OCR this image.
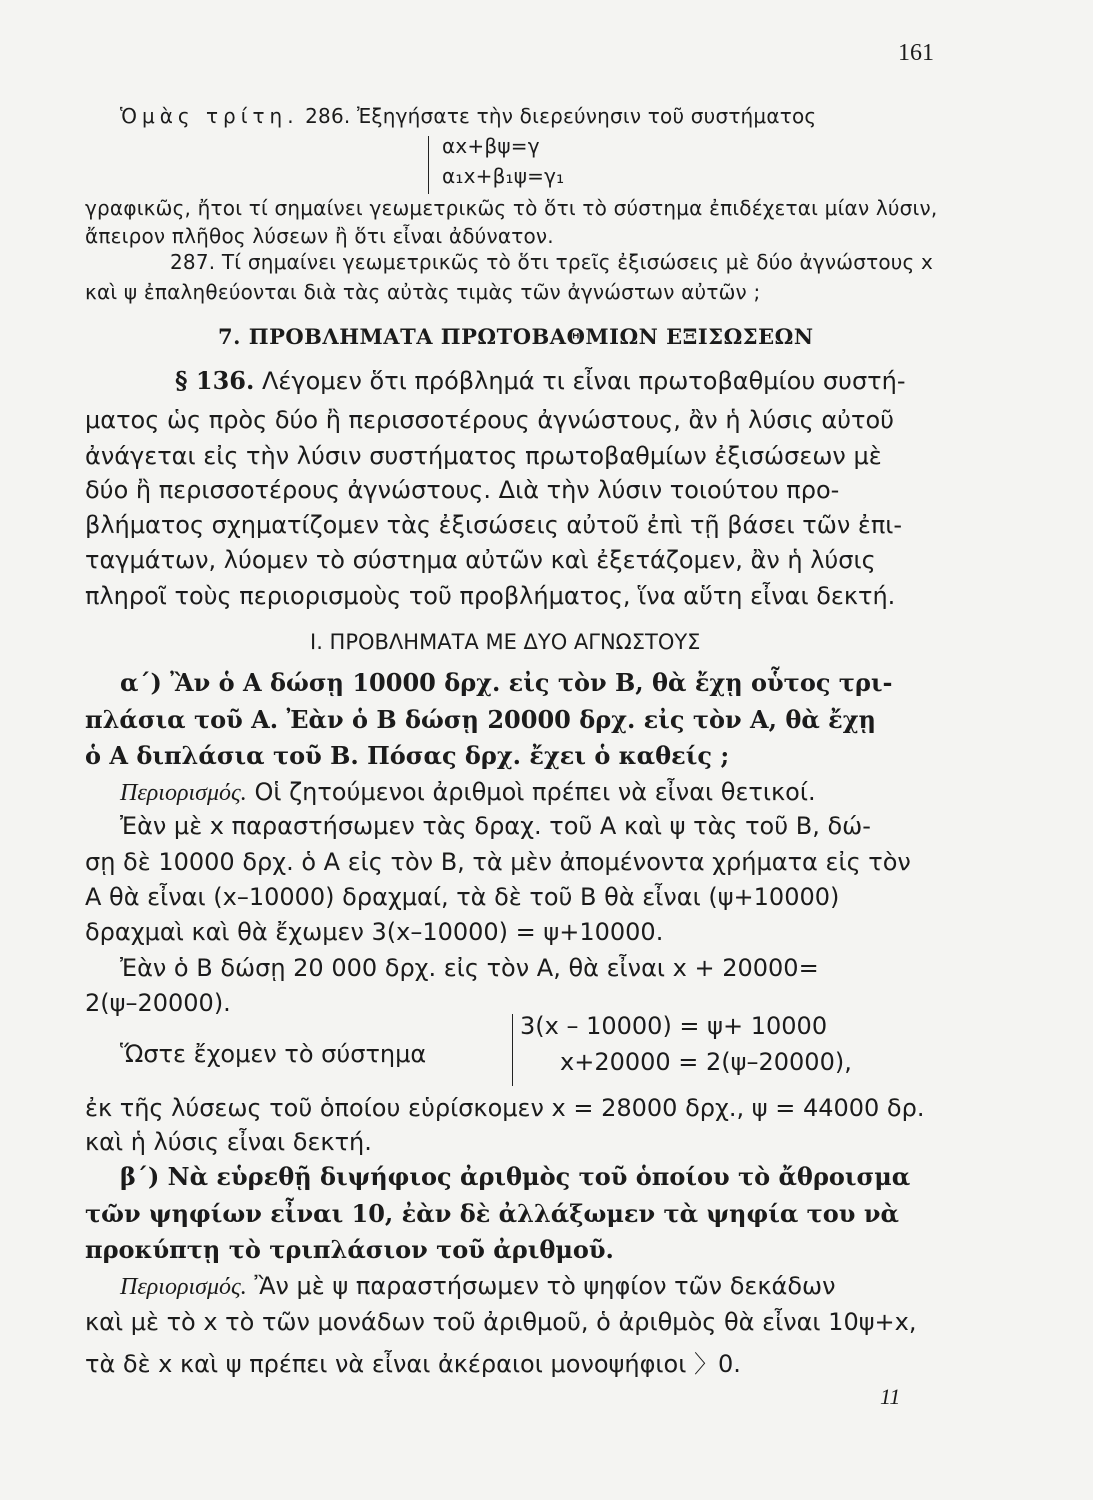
161
Ὁμὰς τρίτη. 286. Ἐξηγήσατε τὴν διερεύνησιν τοῦ συστήματος
αx+βψ=γ
α₁x+β₁ψ=γ₁
γραφικῶς, ἤτοι τί σημαίνει γεωμετρικῶς τὸ ὅτι τὸ σύστημα ἐπιδέχεται μίαν λύσιν,
ἄπειρον πλῆθος λύσεων ἢ ὅτι εἶναι ἀδύνατον.
287. Τί σημαίνει γεωμετρικῶς τὸ ὅτι τρεῖς ἐξισώσεις μὲ δύο ἀγνώστους x
καὶ ψ ἐπαληθεύονται διὰ τὰς αὐτὰς τιμὰς τῶν ἀγνώστων αὐτῶν ;
7. ΠΡΟΒΛΗΜΑΤΑ ΠΡΩΤΟΒΑΘΜΙΩΝ ΕΞΙΣΩΣΕΩΝ
§ 136. Λέγομεν ὅτι πρόβλημά τι εἶναι πρωτοβαθμίου συστή-
ματος ὡς πρὸς δύο ἢ περισσοτέρους ἀγνώστους, ἂν ἡ λύσις αὐτοῦ
ἀνάγεται εἰς τὴν λύσιν συστήματος πρωτοβαθμίων ἐξισώσεων μὲ
δύο ἢ περισσοτέρους ἀγνώστους. Διὰ τὴν λύσιν τοιούτου προ-
βλήματος σχηματίζομεν τὰς ἐξισώσεις αὐτοῦ ἐπὶ τῇ βάσει τῶν ἐπι-
ταγμάτων, λύομεν τὸ σύστημα αὐτῶν καὶ ἐξετάζομεν, ἂν ἡ λύσις
πληροῖ τοὺς περιορισμοὺς τοῦ προβλήματος, ἵνα αὕτη εἶναι δεκτή.
Ι. ΠΡΟΒΛΗΜΑΤΑ ΜΕ ΔΥΟ ΑΓΝΩΣΤΟΥΣ
α΄) Ἂν ὁ Α δώσῃ 10000 δρχ. εἰς τὸν Β, θὰ ἔχῃ οὗτος τρι-
πλάσια τοῦ Α. Ἐὰν ὁ Β δώσῃ 20000 δρχ. εἰς τὸν Α, θὰ ἔχῃ
ὁ Α διπλάσια τοῦ Β. Πόσας δρχ. ἔχει ὁ καθείς ;
Περιορισμός. Οἱ ζητούμενοι ἀριθμοὶ πρέπει νὰ εἶναι θετικοί.
Ἐὰν μὲ x παραστήσωμεν τὰς δραχ. τοῦ Α καὶ ψ τὰς τοῦ Β, δώ-
σῃ δὲ 10000 δρχ. ὁ Α εἰς τὸν Β, τὰ μὲν ἀπομένοντα χρήματα εἰς τὸν
Α θὰ εἶναι (x–10000) δραχμαί, τὰ δὲ τοῦ Β θὰ εἶναι (ψ+10000)
δραχμαὶ καὶ θὰ ἔχωμεν 3(x–10000) = ψ+10000.
Ἐὰν ὁ Β δώσῃ 20 000 δρχ. εἰς τὸν Α, θὰ εἶναι x + 20000=
2(ψ–20000).
Ὥστε ἔχομεν τὸ σύστημα
3(x – 10000) = ψ+ 10000
x+20000 = 2(ψ–20000),
ἐκ τῆς λύσεως τοῦ ὁποίου εὑρίσκομεν x = 28000 δρχ., ψ = 44000 δρ.
καὶ ἡ λύσις εἶναι δεκτή.
β΄) Νὰ εὑρεθῇ διψήφιος ἀριθμὸς τοῦ ὁποίου τὸ ἄθροισμα
τῶν ψηφίων εἶναι 10, ἐὰν δὲ ἀλλάξωμεν τὰ ψηφία του νὰ
προκύπτῃ τὸ τριπλάσιον τοῦ ἀριθμοῦ.
Περιορισμός. Ἂν μὲ ψ παραστήσωμεν τὸ ψηφίον τῶν δεκάδων
καὶ μὲ τὸ x τὸ τῶν μονάδων τοῦ ἀριθμοῦ, ὁ ἀριθμὸς θὰ εἶναι 10ψ+x,
τὰ δὲ x καὶ ψ πρέπει νὰ εἶναι ἀκέραιοι μονοψήφιοι 〉0.
11
